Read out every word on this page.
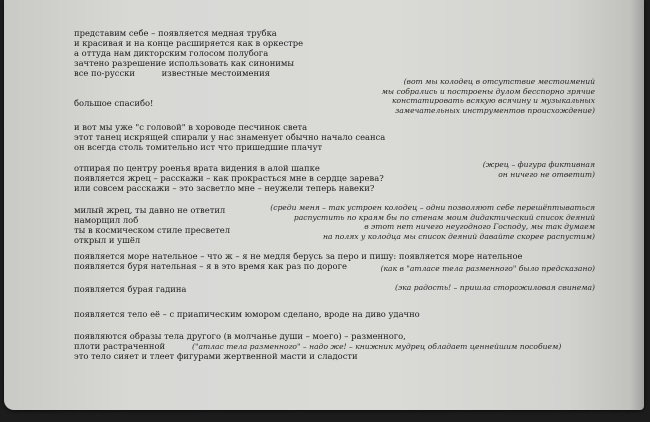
представим себе – появляется медная трубка
и красивая и на конце расширяется как в оркестре
а оттуда нам дикторским голосом полубога
зачтено разрешение использовать как синонимы
все по-русски          известные местоимения
большое спасибо!
и вот мы уже "с головой" в хороводе песчинок света
этот танец искрящей спирали у нас знаменует обычно начало сеанса
он всегда столь томительно ист что пришедшие плачут
отпирая по центру роенья врата видения в алой шапке
появляется жрец – расскажи – как прокрасться мне в сердце зарева?
или совсем расскажи – это засветло мне – неужели теперь навеки?
милый жрец, ты давно не ответил
наморщил лоб
ты в космическом стиле пресветел
открыл и ушёл
появляется море нательное – что ж – я не медля берусь за перо и пишу: появляется море нательное
появляется буря нательная – я в это время как раз по дороге
появляется бурая гадина
появляется тело её – с приапическим юмором сделано, вроде на диво удачно
появляются образы тела другого (в молчанье души – моего) – разменного,
плоти растраченной
это тело сияет и тлеет фигурами жертвенной масти и сладости
(вот мы колодец в отсутствие местоимений
мы собрались и построены дулом бесспорно зрячие
констатировать всякую всячину и музыкальных
замечательных инструментов происхождение)
(жрец – фигура фиктивная
он ничего не ответит)
(среди меня – так устроен колодец – одни позволяют себе перешёптываться
распустить по краям бы по стенам моим дидактический список деяний
в этот нет ничего неугодного Господу, мы так думаем
на полях у колодца мы список деяний давайте скорее распустим)
(как в "атласе тела разменного" было предсказано)
(эка радость! – пришла сторожиловая свинема)
("атлас тела разменного" – надо же! – книжник мудрец обладает ценнейшим пособием)
